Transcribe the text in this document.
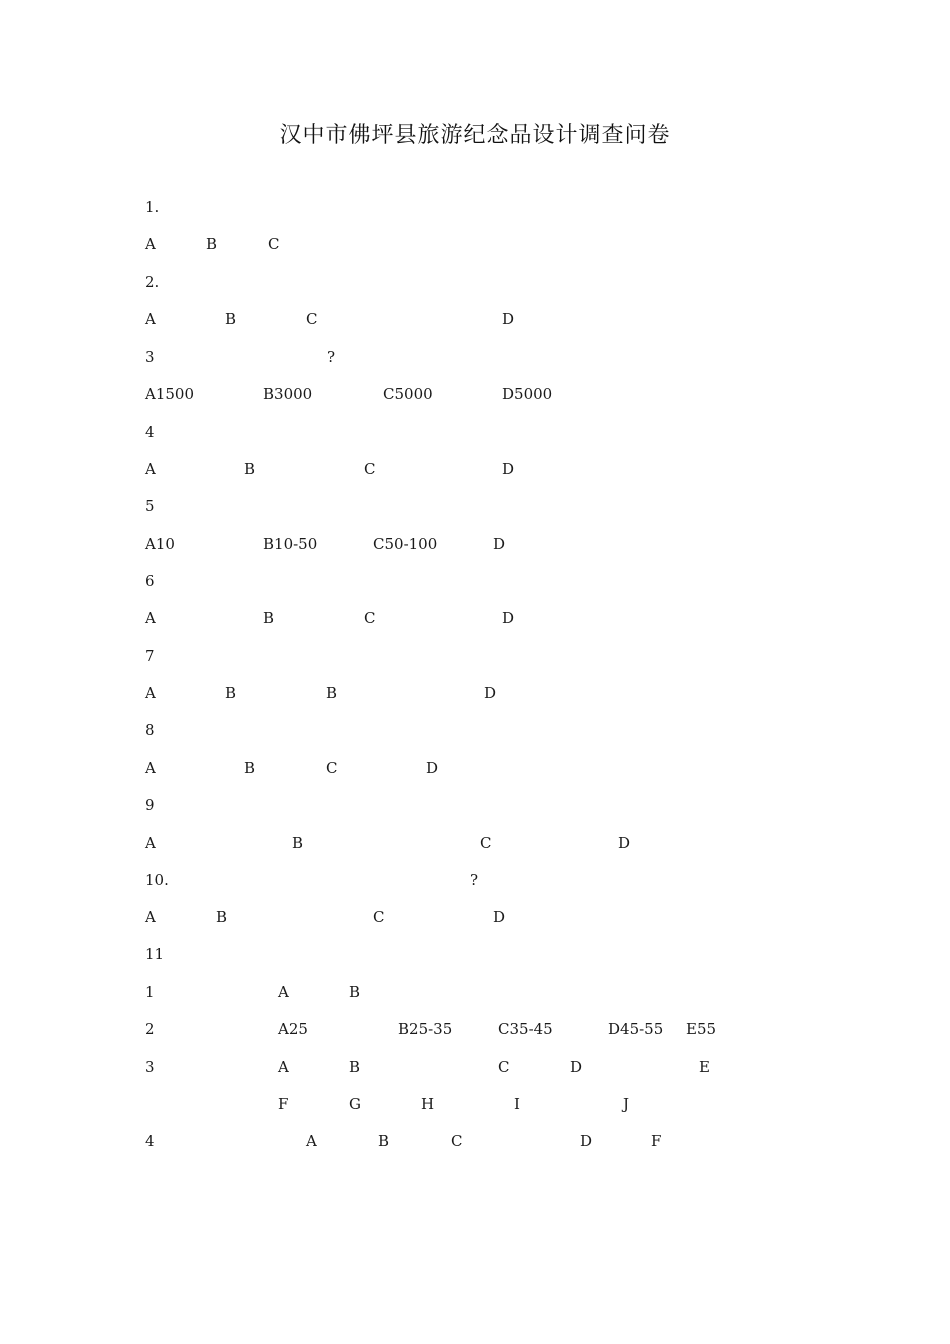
汉中市佛坪县旅游纪念品设计调查问卷
1.
A	B	C
2.
A	B	C	D
3	?
A1500	B3000	C5000	D5000
4
A	B	C	D
5
A10	B10-50	C50-100	D
6
A	B	C	D
7
A	B	B	D
8
A	B	C	D
9
A	B	C	D
10.	?
A	B	C	D
11
1	A	B
2	A25	B25-35	C35-45	D45-55 E55
3	A	B	C	D	E
F	G	H	I	J
4	A	B	C	D	F
